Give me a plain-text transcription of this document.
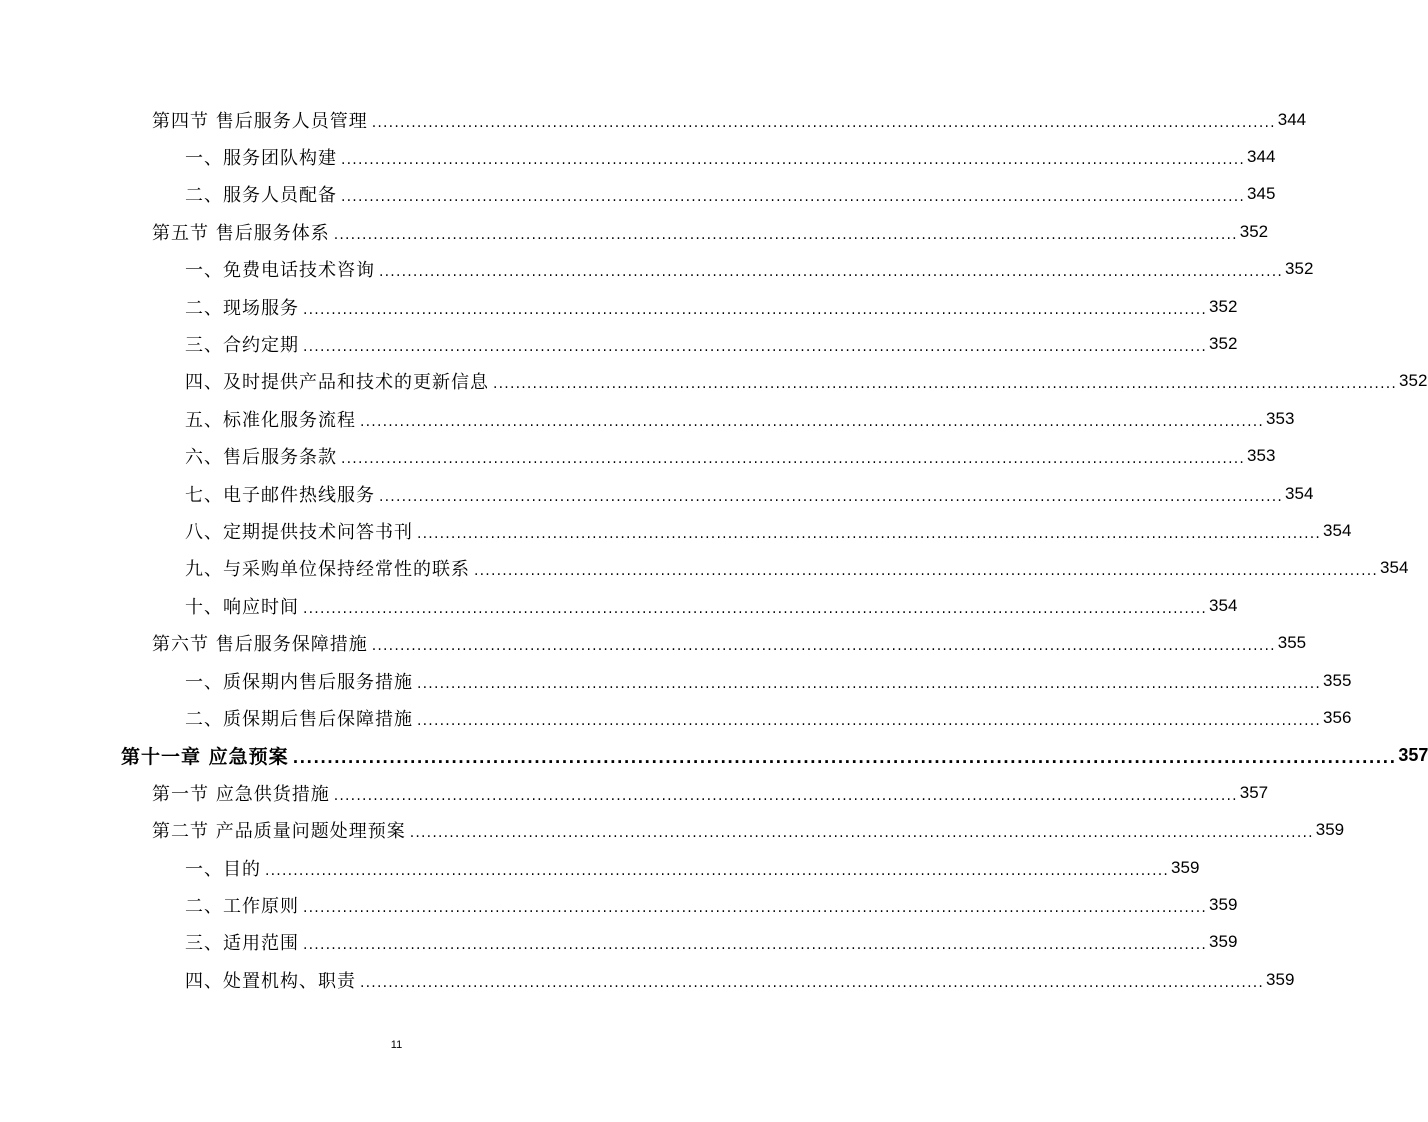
第四节 售后服务人员管理 ................................................................................................................................................................ 344
一、服务团队构建 ................................................................................................................................................................ 344
二、服务人员配备 ................................................................................................................................................................ 345
第五节 售后服务体系 ................................................................................................................................................................ 352
一、免费电话技术咨询 ................................................................................................................................................................ 352
二、现场服务 ................................................................................................................................................................ 352
三、合约定期 ................................................................................................................................................................ 352
四、及时提供产品和技术的更新信息 ................................................................................................................................................................ 352
五、标准化服务流程 ................................................................................................................................................................ 353
六、售后服务条款 ................................................................................................................................................................ 353
七、电子邮件热线服务 ................................................................................................................................................................ 354
八、定期提供技术问答书刊 ................................................................................................................................................................ 354
九、与采购单位保持经常性的联系 ................................................................................................................................................................ 354
十、响应时间 ................................................................................................................................................................ 354
第六节 售后服务保障措施 ................................................................................................................................................................ 355
一、质保期内售后服务措施 ................................................................................................................................................................ 355
二、质保期后售后保障措施 ................................................................................................................................................................ 356
第十一章 应急预案 ................................................................................................................................................................ 357
第一节 应急供货措施 ................................................................................................................................................................ 357
第二节 产品质量问题处理预案 ................................................................................................................................................................ 359
一、目的 ................................................................................................................................................................ 359
二、工作原则 ................................................................................................................................................................ 359
三、适用范围 ................................................................................................................................................................ 359
四、处置机构、职责 ................................................................................................................................................................ 359
11
